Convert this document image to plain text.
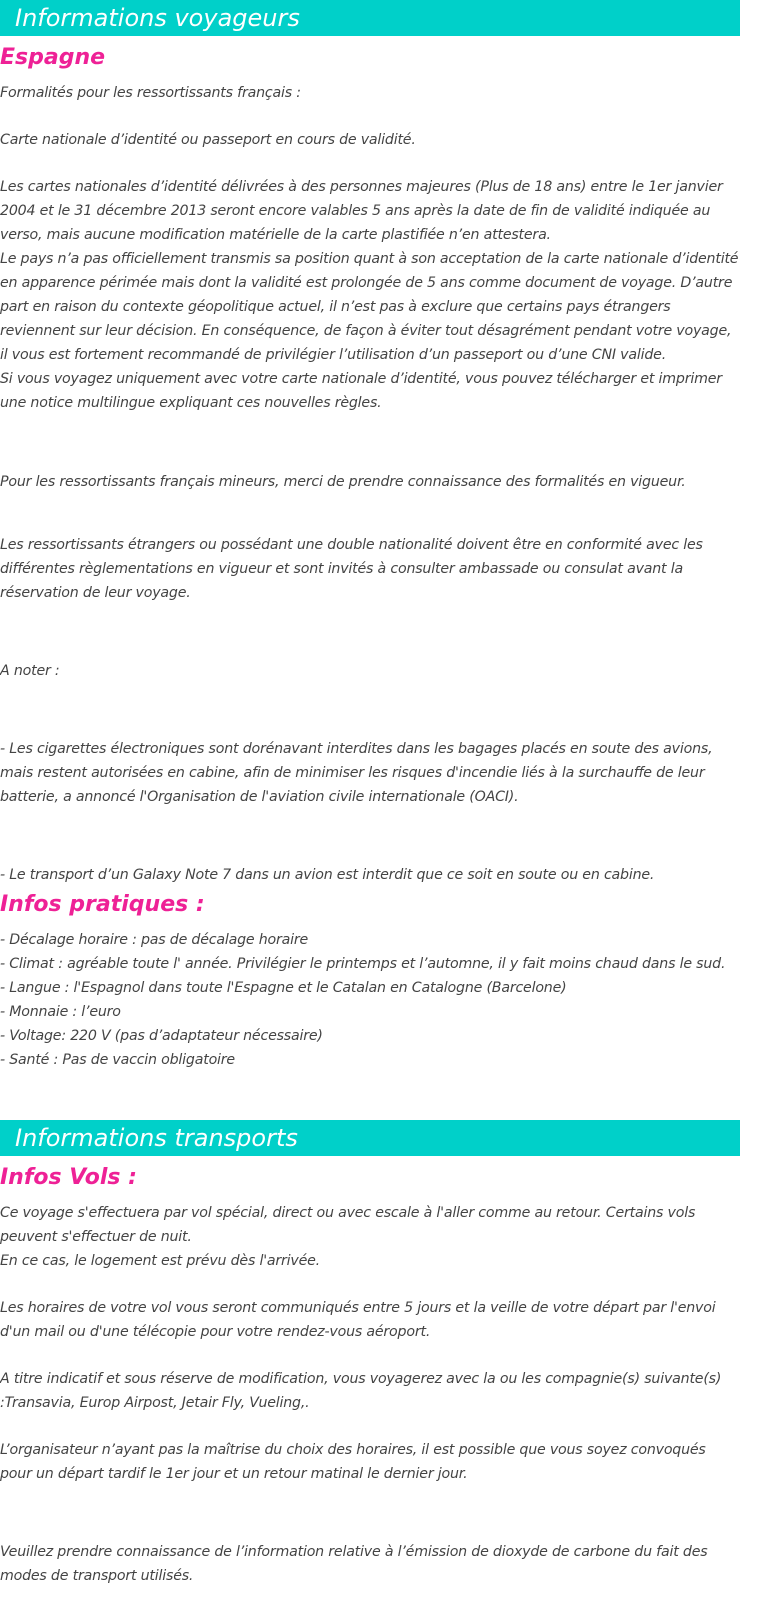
Informations voyageurs
Espagne

Formalités pour les ressortissants français :

Carte nationale d’identité ou passeport en cours de validité.

Les cartes nationales d’identité délivrées à des personnes majeures (Plus de 18 ans) entre le 1er janvier 2004 et le 31 décembre 2013 seront encore valables 5 ans après la date de fin de validité indiquée au verso, mais aucune modification matérielle de la carte plastifiée n’en attestera.

Le pays n’a pas officiellement transmis sa position quant à son acceptation de la carte nationale d’identité en apparence périmée mais dont la validité est prolongée de 5 ans comme document de voyage. D’autre part en raison du contexte géopolitique actuel, il n’est pas à exclure que certains pays étrangers reviennent sur leur décision. En conséquence, de façon à éviter tout désagrément pendant votre voyage, il vous est fortement recommandé de privilégier l’utilisation d’un passeport ou d’une CNI valide.

Si vous voyagez uniquement avec votre carte nationale d’identité, vous pouvez télécharger et imprimer une notice multilingue expliquant ces nouvelles règles.

Pour les ressortissants français mineurs, merci de prendre connaissance des formalités en vigueur.

Les ressortissants étrangers ou possédant une double nationalité doivent être en conformité avec les différentes règlementations en vigueur et sont invités à consulter ambassade ou consulat avant la réservation de leur voyage.

A noter :

- Les cigarettes électroniques sont dorénavant interdites dans les bagages placés en soute des avions, mais restent autorisées en cabine, afin de minimiser les risques d'incendie liés à la surchauffe de leur batterie, a annoncé l'Organisation de l'aviation civile internationale (OACI).

- Le transport d’un Galaxy Note 7 dans un avion est interdit que ce soit en soute ou en cabine.

Infos pratiques :

- Décalage horaire : pas de décalage horaire

- Climat : agréable toute l' année. Privilégier le printemps et l’automne, il y fait moins chaud dans le sud.

- Langue : l'Espagnol dans toute l'Espagne et le Catalan en Catalogne (Barcelone)

- Monnaie : l’euro

- Voltage: 220 V (pas d’adaptateur nécessaire)

- Santé : Pas de vaccin obligatoire

Informations transports
Infos Vols :

Ce voyage s'effectuera par vol spécial, direct ou avec escale à l'aller comme au retour. Certains vols peuvent s'effectuer de nuit.

En ce cas, le logement est prévu dès l'arrivée.

Les horaires de votre vol vous seront communiqués entre 5 jours et la veille de votre départ par l'envoi d'un mail ou d'une télécopie pour votre rendez-vous aéroport.

A titre indicatif et sous réserve de modification, vous voyagerez avec la ou les compagnie(s) suivante(s) :Transavia, Europ Airpost, Jetair Fly, Vueling,.

L’organisateur n’ayant pas la maîtrise du choix des horaires, il est possible que vous soyez convoqués pour un départ tardif le 1er jour et un retour matinal le dernier jour.

Veuillez prendre connaissance de l’information relative à l’émission de dioxyde de carbone du fait des modes de transport utilisés.
